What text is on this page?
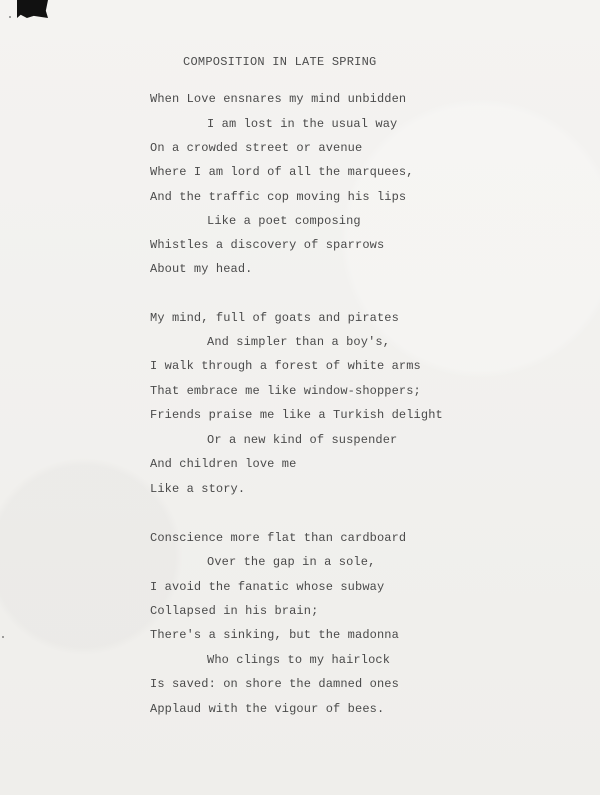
COMPOSITION IN LATE SPRING
When Love ensnares my mind unbidden
I am lost in the usual way
On a crowded street or avenue
Where I am lord of all the marquees,
And the traffic cop moving his lips
Like a poet composing
Whistles a discovery of sparrows
About my head.
My mind, full of goats and pirates
And simpler than a boy's,
I walk through a forest of white arms
That embrace me like window-shoppers;
Friends praise me like a Turkish delight
Or a new kind of suspender
And children love me
Like a story.
Conscience more flat than cardboard
Over the gap in a sole,
I avoid the fanatic whose subway
Collapsed in his brain;
There's a sinking, but the madonna
Who clings to my hairlock
Is saved: on shore the damned ones
Applaud with the vigour of bees.
